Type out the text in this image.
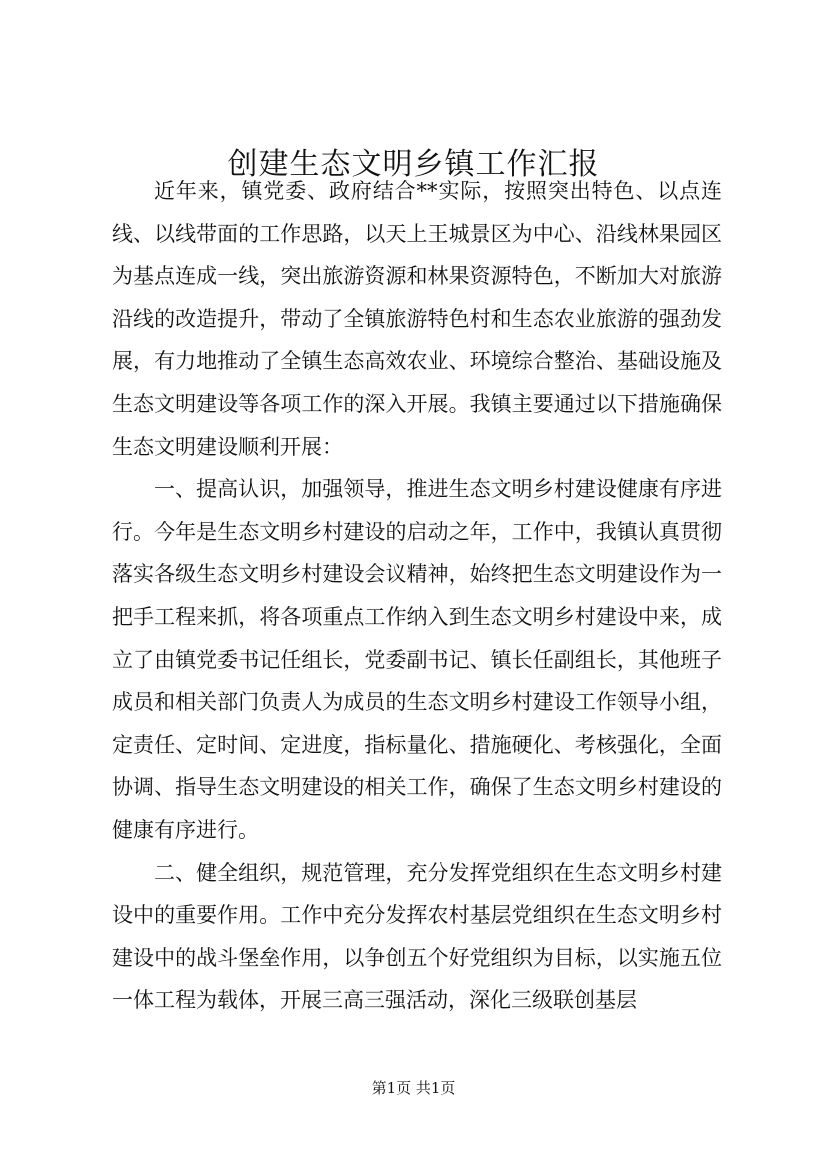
创建生态文明乡镇工作汇报

近年来，镇党委、政府结合**实际，按照突出特色、以点连线、以线带面的工作思路，以天上王城景区为中心、沿线林果园区为基点连成一线，突出旅游资源和林果资源特色，不断加大对旅游沿线的改造提升，带动了全镇旅游特色村和生态农业旅游的强劲发展，有力地推动了全镇生态高效农业、环境综合整治、基础设施及生态文明建设等各项工作的深入开展。我镇主要通过以下措施确保生态文明建设顺利开展：

一、提高认识，加强领导，推进生态文明乡村建设健康有序进行。今年是生态文明乡村建设的启动之年，工作中，我镇认真贯彻落实各级生态文明乡村建设会议精神，始终把生态文明建设作为一把手工程来抓，将各项重点工作纳入到生态文明乡村建设中来，成立了由镇党委书记任组长，党委副书记、镇长任副组长，其他班子成员和相关部门负责人为成员的生态文明乡村建设工作领导小组，定责任、定时间、定进度，指标量化、措施硬化、考核强化，全面协调、指导生态文明建设的相关工作，确保了生态文明乡村建设的健康有序进行。

二、健全组织，规范管理，充分发挥党组织在生态文明乡村建设中的重要作用。工作中充分发挥农村基层党组织在生态文明乡村建设中的战斗堡垒作用，以争创五个好党组织为目标，以实施五位一体工程为载体，开展三高三强活动，深化三级联创基层

第1页 共1页
